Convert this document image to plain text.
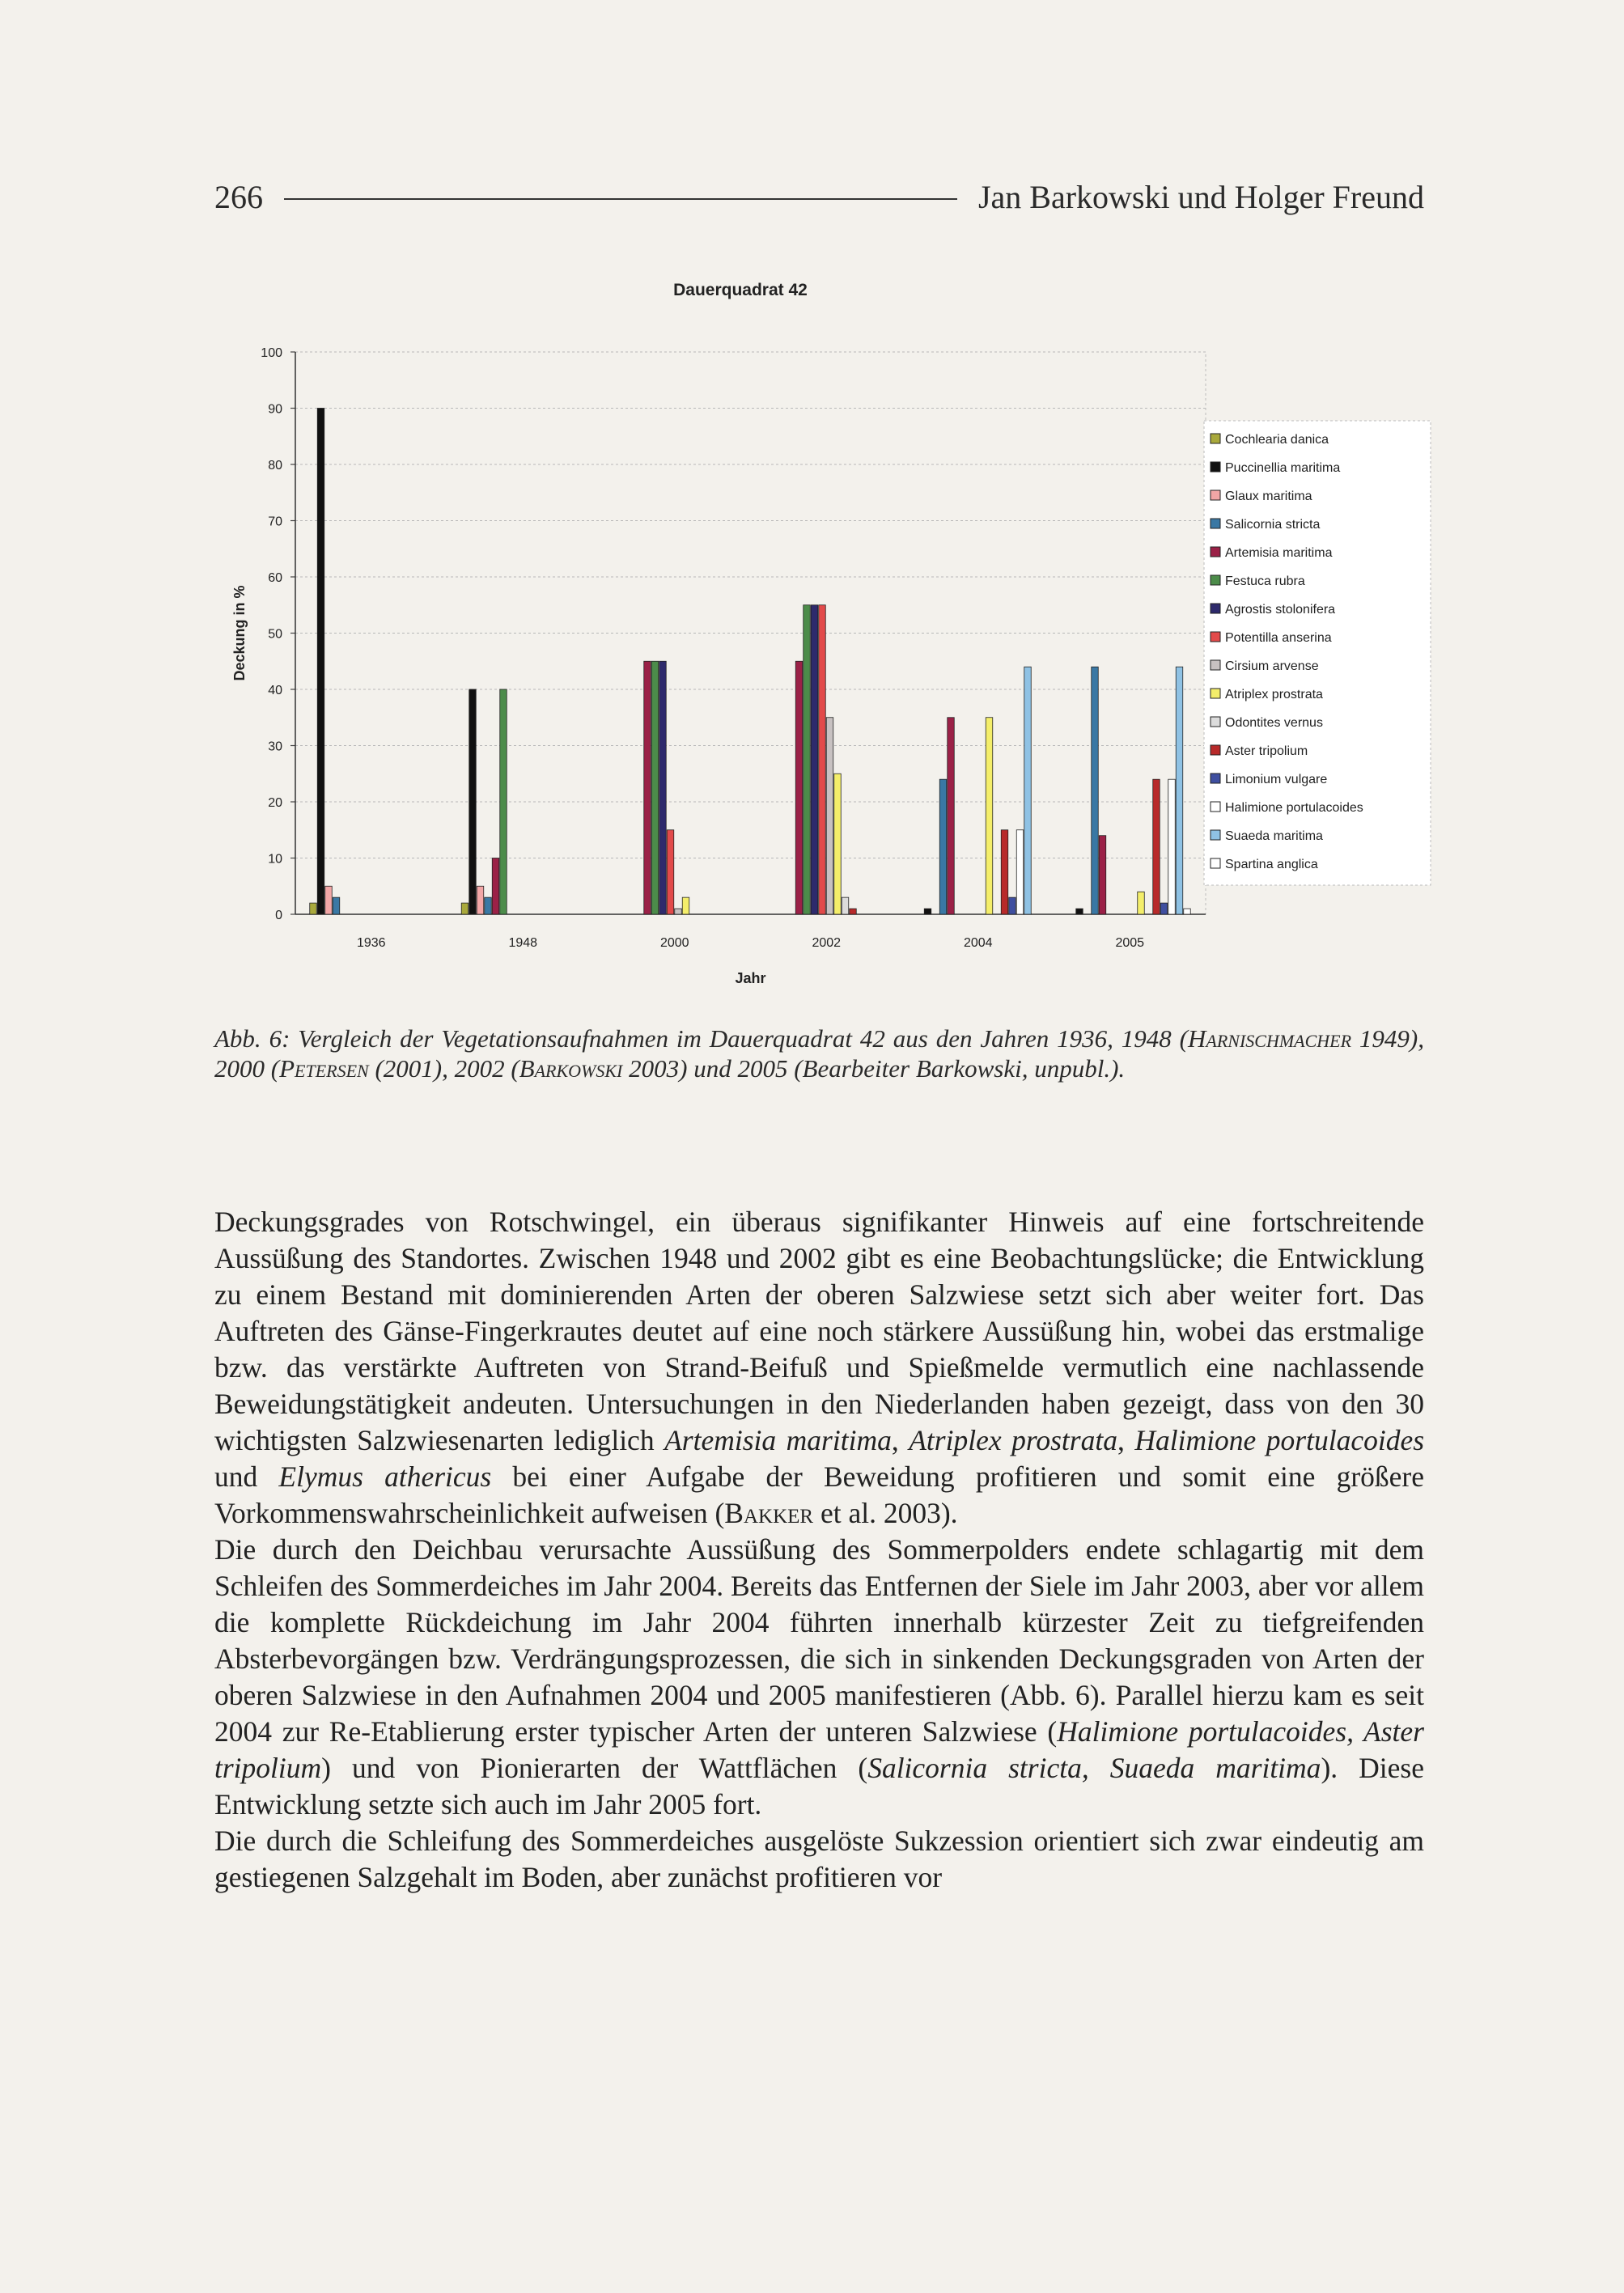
266	Jan Barkowski und Holger Freund
Dauerquadrat 42
0
10
20
30
40
50
60
70
80
90
100
Deckung in %
1936	1948	2000	2002	2004	2005
Jahr
Cochlearia danica
Puccinellia maritima
Glaux maritima
Salicornia stricta
Artemisia maritima
Festuca rubra
Agrostis stolonifera
Potentilla anserina
Cirsium arvense
Atriplex prostrata
Odontites vernus
Aster tripolium
Limonium vulgare
Halimione portulacoides
Suaeda maritima
Spartina anglica
Abb. 6: Vergleich der Vegetationsaufnahmen im Dauerquadrat 42 aus den Jahren 1936, 1948 (Harnischmacher 1949), 2000 (Petersen (2001), 2002 (Barkowski 2003) und 2005 (Bearbeiter Barkowski, unpubl.).

Deckungsgrades von Rotschwingel, ein überaus signifikanter Hinweis auf eine fortschreitende Aussüßung des Standortes. Zwischen 1948 und 2002 gibt es eine Beobachtungslücke; die Entwicklung zu einem Bestand mit dominierenden Arten der oberen Salzwiese setzt sich aber weiter fort. Das Auftreten des Gänse-Fingerkrautes deutet auf eine noch stärkere Aussüßung hin, wobei das erstmalige bzw. das verstärkte Auftreten von Strand-Beifuß und Spießmelde vermutlich eine nachlassende Beweidungstätigkeit andeuten. Untersuchungen in den Niederlanden haben gezeigt, dass von den 30 wichtigsten Salzwiesenarten lediglich Artemisia maritima, Atriplex prostrata, Halimione portulacoides und Elymus athericus bei einer Aufgabe der Beweidung profitieren und somit eine größere Vorkommenswahrscheinlichkeit aufweisen (Bakker et al. 2003).

Die durch den Deichbau verursachte Aussüßung des Sommerpolders endete schlagartig mit dem Schleifen des Sommerdeiches im Jahr 2004. Bereits das Entfernen der Siele im Jahr 2003, aber vor allem die komplette Rückdeichung im Jahr 2004 führten innerhalb kürzester Zeit zu tiefgreifenden Absterbevorgängen bzw. Verdrängungsprozessen, die sich in sinkenden Deckungsgraden von Arten der oberen Salzwiese in den Aufnahmen 2004 und 2005 manifestieren (Abb. 6). Parallel hierzu kam es seit 2004 zur Re-Etablierung erster typischer Arten der unteren Salzwiese (Halimione portulacoides, Aster tripolium) und von Pionierarten der Wattflächen (Salicornia stricta, Suaeda maritima). Diese Entwicklung setzte sich auch im Jahr 2005 fort.

Die durch die Schleifung des Sommerdeiches ausgelöste Sukzession orientiert sich zwar eindeutig am gestiegenen Salzgehalt im Boden, aber zunächst profitieren vor
